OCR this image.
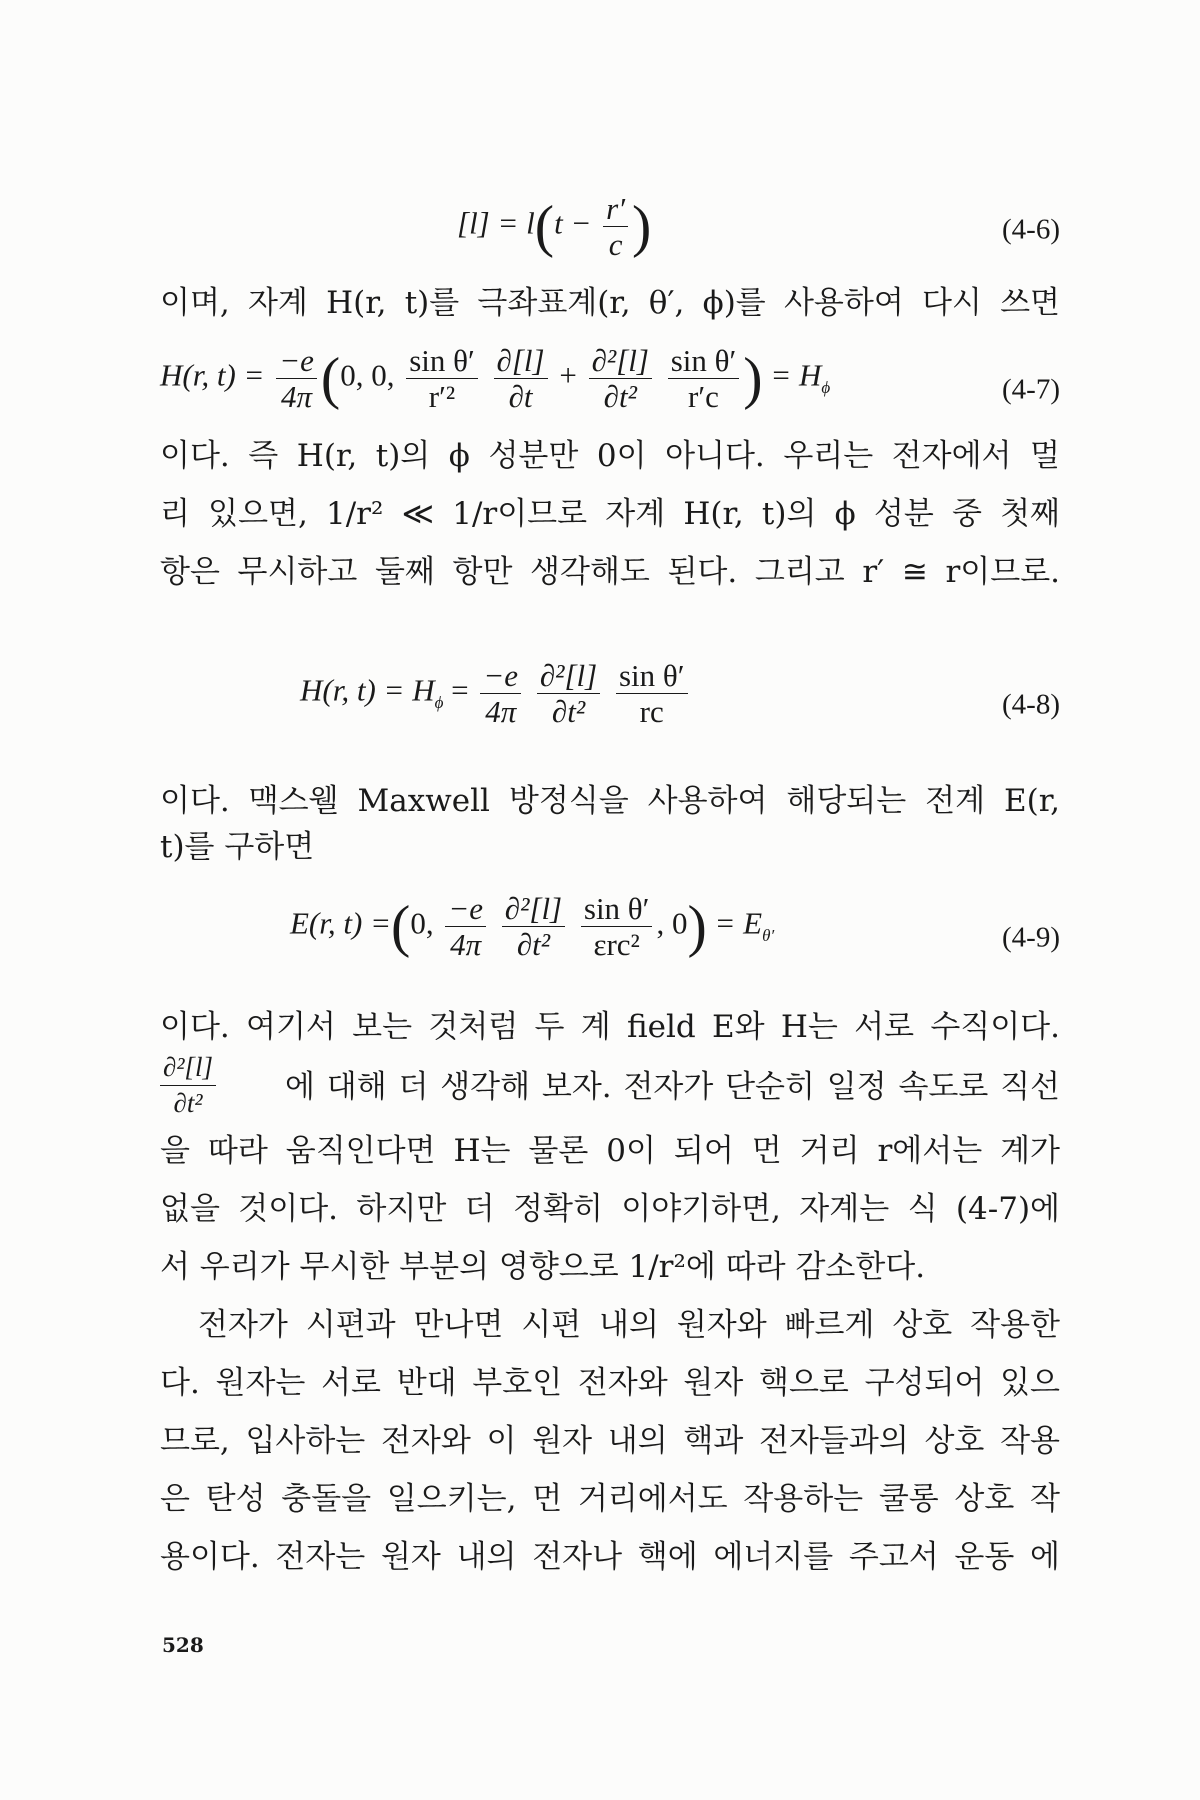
$[l] = l(t - \frac{r'}{c}$ )	(4-6)

이며, 자계 H(r, t)를 극좌표계(r, θ′, ϕ)를 사용하여 다시 쓰면

H(r, $t) = \frac{-e}{4\pi} (0$, 0, $\frac{\text{sin θ′}}{\text{r′²}}$
$\frac{\partial[l]}{\partial t} + \frac{\text{∂²[l]}}{\text{∂t²}}$
$\frac{\text{sin θ′}}{r'c}$ ) = $H_\phi$	(4-7)

이다. 즉 H(r, t)의 ϕ 성분만 0이 아니다. 우리는 전자에서 멀

리 있으면, 1/r² ≪ 1/r이므로 자계 H(r, t)의 ϕ 성분 중 첫째

항은 무시하고 둘째 항만 생각해도 된다. 그리고 r′ ≅ r이므로.

H(r, $t) = H_\phi = \frac{-e}{4\pi}$
$\frac{\text{∂²[l]}}{\text{∂t²}}$
$\frac{\text{sin θ′}}{rc}$	(4-8)

이다. 맥스웰 Maxwell 방정식을 사용하여 해당되는 전계 E(r,

t)를 구하면

E(r, t) =(0, $\frac{-e}{4\pi}$
$\frac{\text{∂²[l]}}{\text{∂t²}}$
$\frac{\text{sin θ′}}{\text{εrc²}}$ , $0) = E_{\theta'}$	(4-9)

이다. 여기서 보는 것처럼 두 계 field E와 H는 서로 수직이다.

$\frac{\text{∂²[l]}}{\text{∂t²}}$ 에 대해 더 생각해 보자. 전자가 단순히 일정 속도로 직선

을 따라 움직인다면 H는 물론 0이 되어 먼 거리 r에서는 계가

없을 것이다. 하지만 더 정확히 이야기하면, 자계는 식 (4-7)에

서 우리가 무시한 부분의 영향으로 1/r²에 따라 감소한다.

전자가 시편과 만나면 시편 내의 원자와 빠르게 상호 작용한

다. 원자는 서로 반대 부호인 전자와 원자 핵으로 구성되어 있으

므로, 입사하는 전자와 이 원자 내의 핵과 전자들과의 상호 작용

은 탄성 충돌을 일으키는, 먼 거리에서도 작용하는 쿨롱 상호 작

용이다. 전자는 원자 내의 전자나 핵에 에너지를 주고서 운동 에

528
